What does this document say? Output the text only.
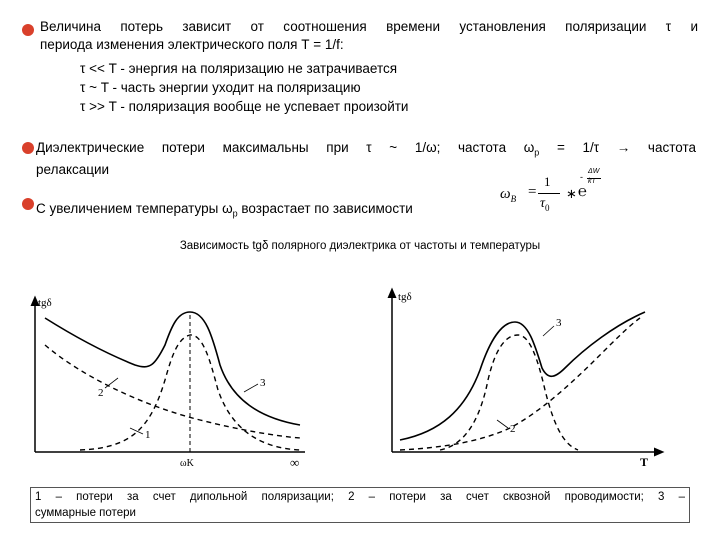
Величина потерь зависит от соотношения времени установления поляризации τ и
периода изменения электрического поля Т = 1/f:
τ << T - энергия на поляризацию не затрачивается
τ ~ T - часть энергии уходит на поляризацию
τ >> T - поляризация вообще не успевает произойти
Диэлектрические потери максимальны при τ ~ 1/ω; частота $\omega_р = 1/\tau$ → частота
релаксации
С увеличением температуры $\omega_р$ возрастает по зависимости
$\omega_B$ =
1
$\tau_0$
∗ ℮
-
ΔW
kT
Зависимость tgδ полярного диэлектрика от частоты и температуры
tgδ
1
2
3
ωK	∞
tgδ
T
2
3
1 – потери за счет дипольной поляризации; 2 – потери за счет сквозной проводимости; 3 –
суммарные потери
